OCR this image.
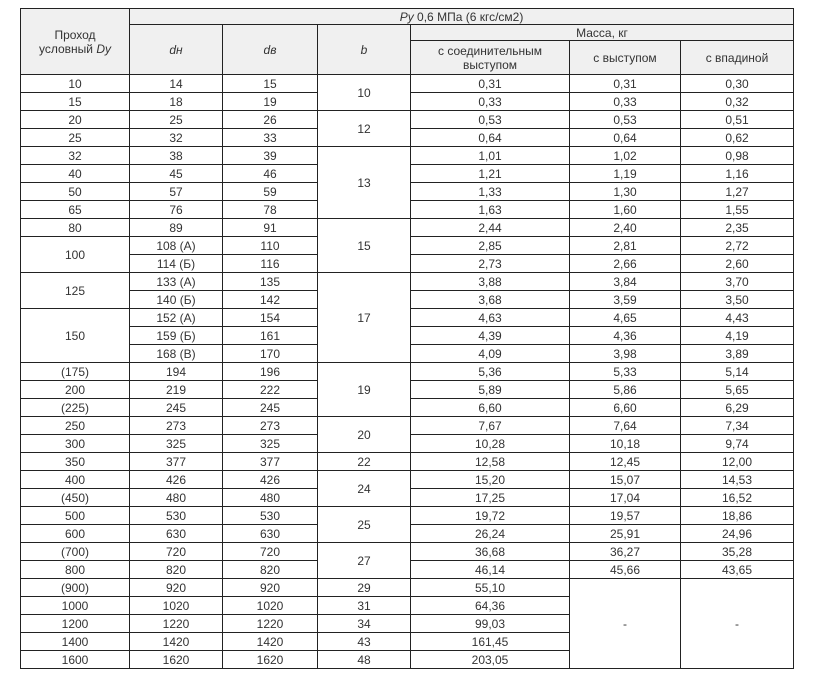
Проход
условный Dy	Py 0,6 МПа (6 кгс/см2)					
	dн	dв	b	Масса, кг		
				с соединительным выступом	с выступом	с впадиной
10	14	15	10	0,31	0,31	0,30
15	18	19		0,33	0,33	0,32
20	25	26	12	0,53	0,53	0,51
25	32	33		0,64	0,64	0,62
32	38	39	13	1,01	1,02	0,98
40	45	46		1,21	1,19	1,16
50	57	59		1,33	1,30	1,27
65	76	78		1,63	1,60	1,55
80	89	91	15	2,44	2,40	2,35
100	108 (A)	110		2,85	2,81	2,72
	114 (Б)	116		2,73	2,66	2,60
125	133 (A)	135	17	3,88	3,84	3,70
	140 (Б)	142		3,68	3,59	3,50
150	152 (A)	154		4,63	4,65	4,43
	159 (Б)	161		4,39	4,36	4,19
	168 (В)	170		4,09	3,98	3,89
(175)	194	196	19	5,36	5,33	5,14
200	219	222		5,89	5,86	5,65
(225)	245	245		6,60	6,60	6,29
250	273	273	20	7,67	7,64	7,34
300	325	325		10,28	10,18	9,74
350	377	377	22	12,58	12,45	12,00
400	426	426	24	15,20	15,07	14,53
(450)	480	480		17,25	17,04	16,52
500	530	530	25	19,72	19,57	18,86
600	630	630		26,24	25,91	24,96
(700)	720	720	27	36,68	36,27	35,28
800	820	820		46,14	45,66	43,65
(900)	920	920	29	55,10	-	-
1000	1020	1020	31	64,36		
1200	1220	1220	34	99,03		
1400	1420	1420	43	161,45		
1600	1620	1620	48	203,05		
